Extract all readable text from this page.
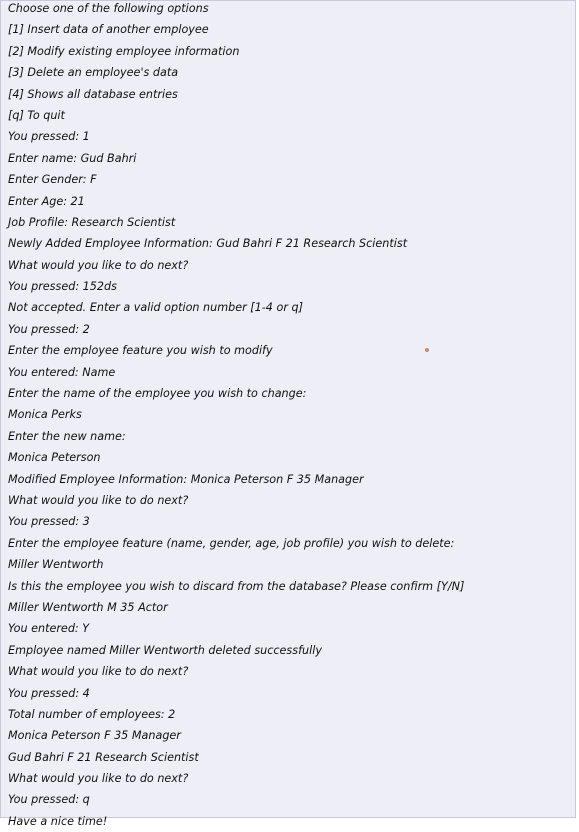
Choose one of the following options
[1] Insert data of another employee
[2] Modify existing employee information
[3] Delete an employee's data
[4] Shows all database entries
[q] To quit
You pressed: 1
Enter name: Gud Bahri
Enter Gender: F
Enter Age: 21
Job Profile: Research Scientist
Newly Added Employee Information: Gud Bahri F 21 Research Scientist
What would you like to do next?
You pressed: 152ds
Not accepted. Enter a valid option number [1-4 or q]
You pressed: 2
Enter the employee feature you wish to modify
You entered: Name
Enter the name of the employee you wish to change:
Monica Perks
Enter the new name:
Monica Peterson
Modified Employee Information: Monica Peterson F 35 Manager
What would you like to do next?
You pressed: 3
Enter the employee feature (name, gender, age, job profile) you wish to delete:
Miller Wentworth
Is this the employee you wish to discard from the database? Please confirm [Y/N]
Miller Wentworth M 35 Actor
You entered: Y
Employee named Miller Wentworth deleted successfully
What would you like to do next?
You pressed: 4
Total number of employees: 2
Monica Peterson F 35 Manager
Gud Bahri F 21 Research Scientist
What would you like to do next?
You pressed: q
Have a nice time!
